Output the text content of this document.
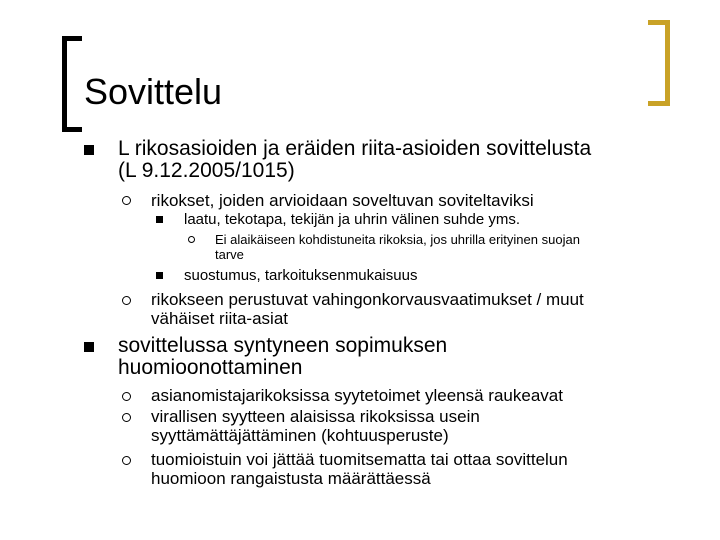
Sovittelu
L rikosasioiden ja eräiden riita-asioiden sovittelusta
(L 9.12.2005/1015)
rikokset, joiden arvioidaan soveltuvan soviteltaviksi
laatu, tekotapa, tekijän ja uhrin välinen suhde yms.
Ei alaikäiseen kohdistuneita rikoksia, jos uhrilla erityinen suojan
tarve
suostumus, tarkoituksenmukaisuus
rikokseen perustuvat vahingonkorvausvaatimukset / muut
vähäiset riita-asiat
sovittelussa syntyneen sopimuksen
huomioonottaminen
asianomistajarikoksissa syytetoimet yleensä raukeavat
virallisen syytteen alaisissa rikoksissa usein
syyttämättäjättäminen (kohtuusperuste)
tuomioistuin voi jättää tuomitsematta tai ottaa sovittelun
huomioon rangaistusta määrättäessä
